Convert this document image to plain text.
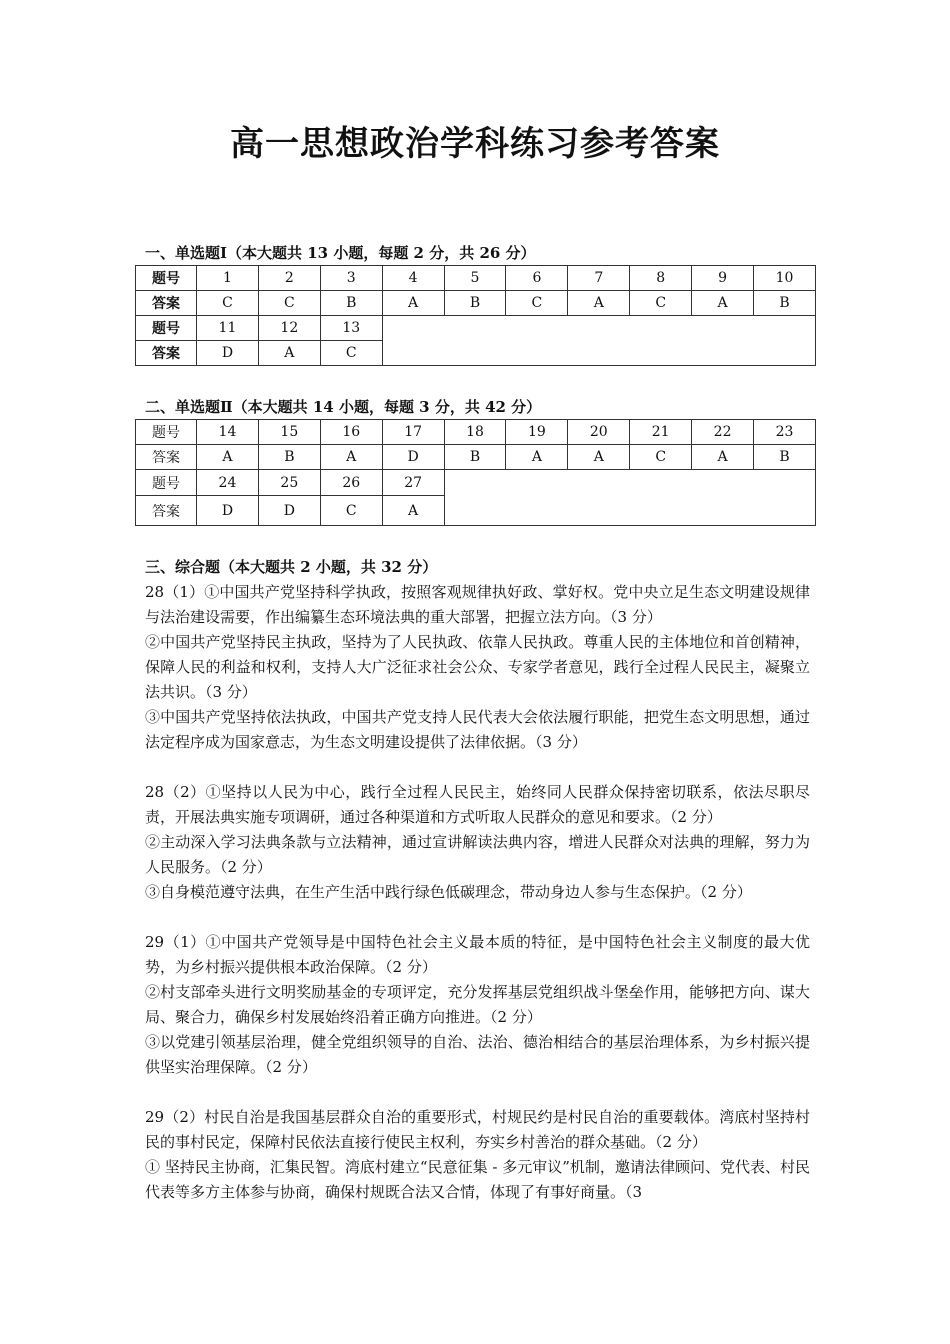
高一思想政治学科练习参考答案

一、单选题Ⅰ（本大题共 13 小题，每题 2 分，共 26 分）

题号	1	2	3	4	5	6	7	8	9	10
答案	C	C	B	A	B	C	A	C	A	B
题号	11	12	13							
答案	D	A	C							

二、单选题Ⅱ（本大题共 14 小题，每题 3 分，共 42 分）

题号	14	15	16	17	18	19	20	21	22	23
答案	A	B	A	D	B	A	A	C	A	B
题号	24	25	26	27						
答案	D	D	C	A						

三、综合题（本大题共 2 小题，共 32 分）

28（1）①中国共产党坚持科学执政，按照客观规律执好政、掌好权。党中央立足生态文明建设规律与法治建设需要，作出编纂生态环境法典的重大部署，把握立法方向。（3 分）

②中国共产党坚持民主执政，坚持为了人民执政、依靠人民执政。尊重人民的主体地位和首创精神，保障人民的利益和权利，支持人大广泛征求社会公众、专家学者意见，践行全过程人民民主，凝聚立法共识。（3 分）

③中国共产党坚持依法执政，中国共产党支持人民代表大会依法履行职能，把党生态文明思想，通过法定程序成为国家意志，为生态文明建设提供了法律依据。（3 分）

28（2）①坚持以人民为中心，践行全过程人民民主，始终同人民群众保持密切联系，依法尽职尽责，开展法典实施专项调研，通过各种渠道和方式听取人民群众的意见和要求。（2 分）

②主动深入学习法典条款与立法精神，通过宣讲解读法典内容，增进人民群众对法典的理解，努力为人民服务。（2 分）

③自身模范遵守法典，在生产生活中践行绿色低碳理念，带动身边人参与生态保护。（2 分）

29（1）①中国共产党领导是中国特色社会主义最本质的特征，是中国特色社会主义制度的最大优势，为乡村振兴提供根本政治保障。（2 分）

②村支部牵头进行文明奖励基金的专项评定，充分发挥基层党组织战斗堡垒作用，能够把方向、谋大局、聚合力，确保乡村发展始终沿着正确方向推进。（2 分）

③以党建引领基层治理，健全党组织领导的自治、法治、德治相结合的基层治理体系，为乡村振兴提供坚实治理保障。（2 分）

29（2）村民自治是我国基层群众自治的重要形式，村规民约是村民自治的重要载体。湾底村坚持村民的事村民定，保障村民依法直接行使民主权利，夯实乡村善治的群众基础。（2 分）

① 坚持民主协商，汇集民智。湾底村建立“民意征集 - 多元审议”机制，邀请法律顾问、党代表、村民代表等多方主体参与协商，确保村规既合法又合情，体现了有事好商量。（3
